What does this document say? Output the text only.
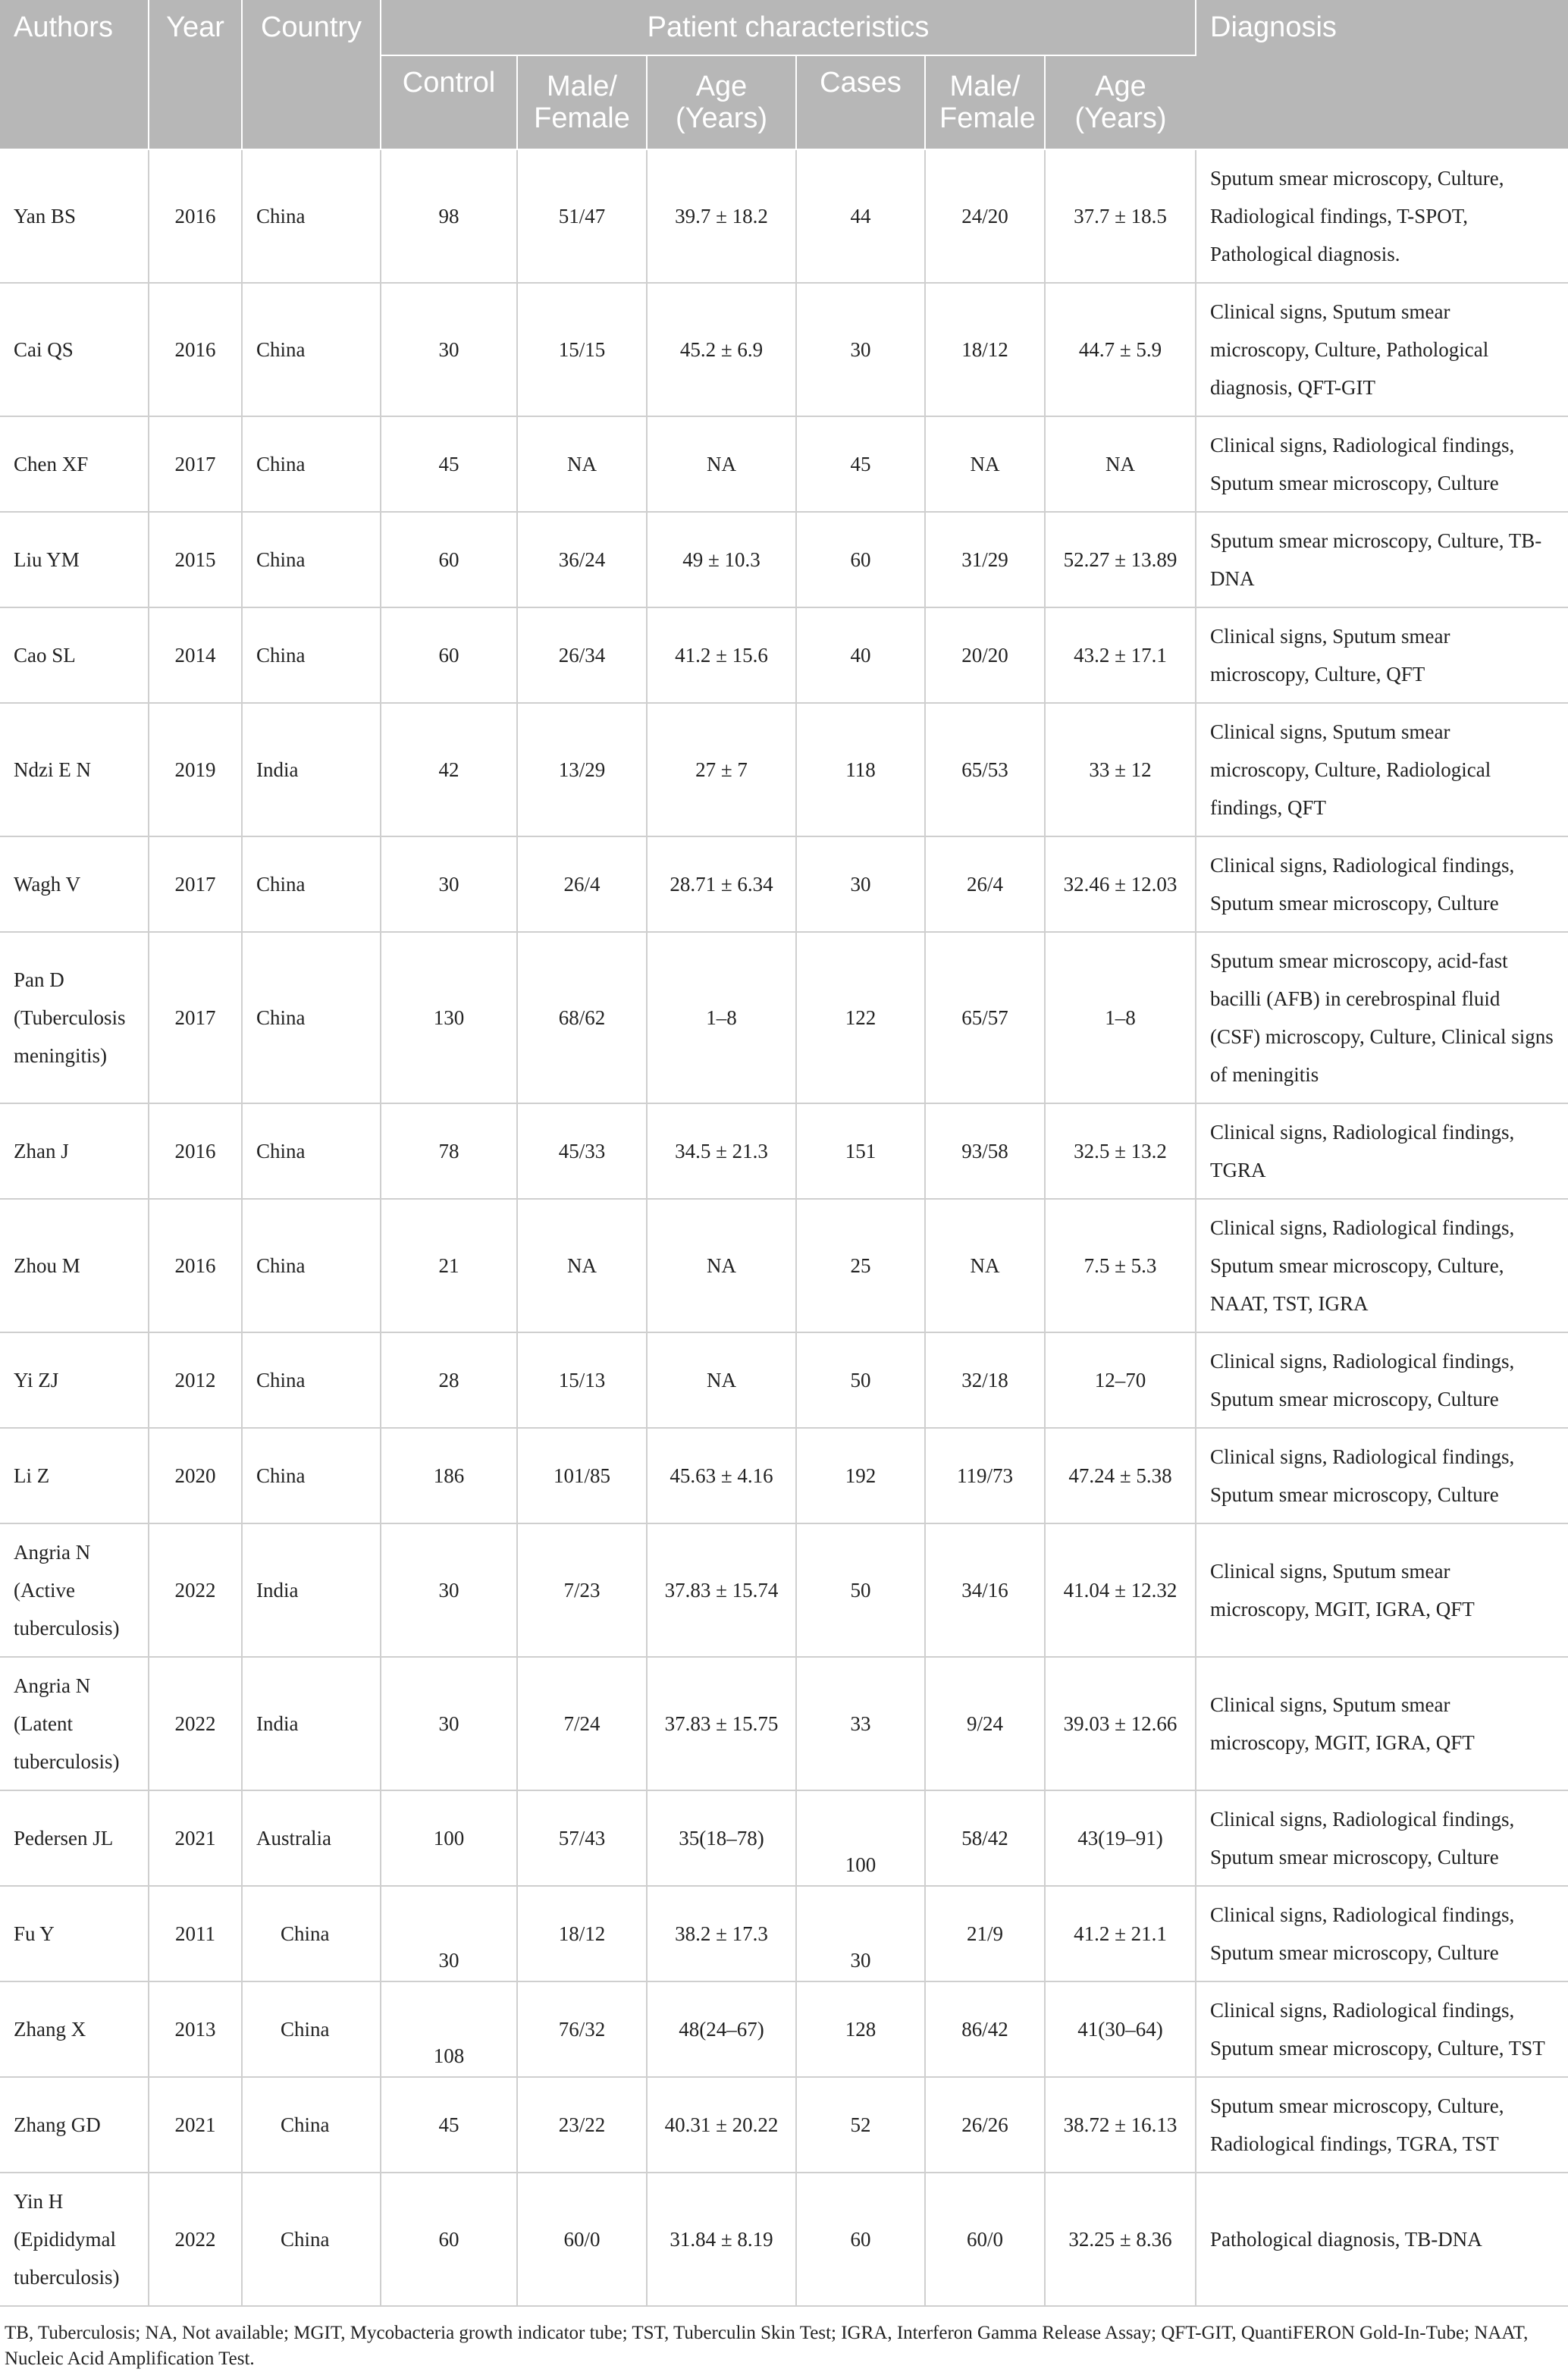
Authors	Year	Country	Patient characteristics						Diagnosis
			Control	Male/ Female	Age (Years)	Cases	Male/ Female	Age (Years)	
Yan BS	2016	China	98	51/47	39.7 ± 18.2	44	24/20	37.7 ± 18.5	Sputum smear microscopy, Culture, Radiological findings, T-SPOT, Pathological diagnosis.
Cai QS	2016	China	30	15/15	45.2 ± 6.9	30	18/12	44.7 ± 5.9	Clinical signs, Sputum smear microscopy, Culture, Pathological diagnosis, QFT-GIT
Chen XF	2017	China	45	NA	NA	45	NA	NA	Clinical signs, Radiological findings, Sputum smear microscopy, Culture
Liu YM	2015	China	60	36/24	49 ± 10.3	60	31/29	52.27 ± 13.89	Sputum smear microscopy, Culture, TB-DNA
Cao SL	2014	China	60	26/34	41.2 ± 15.6	40	20/20	43.2 ± 17.1	Clinical signs, Sputum smear microscopy, Culture, QFT
Ndzi E N	2019	India	42	13/29	27 ± 7	118	65/53	33 ± 12	Clinical signs, Sputum smear microscopy, Culture, Radiological findings, QFT
Wagh V	2017	China	30	26/4	28.71 ± 6.34	30	26/4	32.46 ± 12.03	Clinical signs, Radiological findings, Sputum smear microscopy, Culture
Pan D (Tuberculosis meningitis)	2017	China	130	68/62	1–8	122	65/57	1–8	Sputum smear microscopy, acid-fast bacilli (AFB) in cerebrospinal fluid (CSF) microscopy, Culture, Clinical signs of meningitis
Zhan J	2016	China	78	45/33	34.5 ± 21.3	151	93/58	32.5 ± 13.2	Clinical signs, Radiological findings, TGRA
Zhou M	2016	China	21	NA	NA	25	NA	7.5 ± 5.3	Clinical signs, Radiological findings, Sputum smear microscopy, Culture, NAAT, TST, IGRA
Yi ZJ	2012	China	28	15/13	NA	50	32/18	12–70	Clinical signs, Radiological findings, Sputum smear microscopy, Culture
Li Z	2020	China	186	101/85	45.63 ± 4.16	192	119/73	47.24 ± 5.38	Clinical signs, Radiological findings, Sputum smear microscopy, Culture
Angria N (Active tuberculosis)	2022	India	30	7/23	37.83 ± 15.74	50	34/16	41.04 ± 12.32	Clinical signs, Sputum smear microscopy, MGIT, IGRA, QFT
Angria N (Latent tuberculosis)	2022	India	30	7/24	37.83 ± 15.75	33	9/24	39.03 ± 12.66	Clinical signs, Sputum smear microscopy, MGIT, IGRA, QFT
Pedersen JL	2021	Australia	100	57/43	35(18–78)	100	58/42	43(19–91)	Clinical signs, Radiological findings, Sputum smear microscopy, Culture
Fu Y	2011	China	30	18/12	38.2 ± 17.3	30	21/9	41.2 ± 21.1	Clinical signs, Radiological findings, Sputum smear microscopy, Culture
Zhang X	2013	China	108	76/32	48(24–67)	128	86/42	41(30–64)	Clinical signs, Radiological findings, Sputum smear microscopy, Culture, TST
Zhang GD	2021	China	45	23/22	40.31 ± 20.22	52	26/26	38.72 ± 16.13	Sputum smear microscopy, Culture, Radiological findings, TGRA, TST
Yin H (Epididymal tuberculosis)	2022	China	60	60/0	31.84 ± 8.19	60	60/0	32.25 ± 8.36	Pathological diagnosis, TB-DNA
TB, Tuberculosis; NA, Not available; MGIT, Mycobacteria growth indicator tube; TST, Tuberculin Skin Test; IGRA, Interferon Gamma Release Assay; QFT-GIT, QuantiFERON Gold-In-Tube; NAAT, Nucleic Acid Amplification Test.
